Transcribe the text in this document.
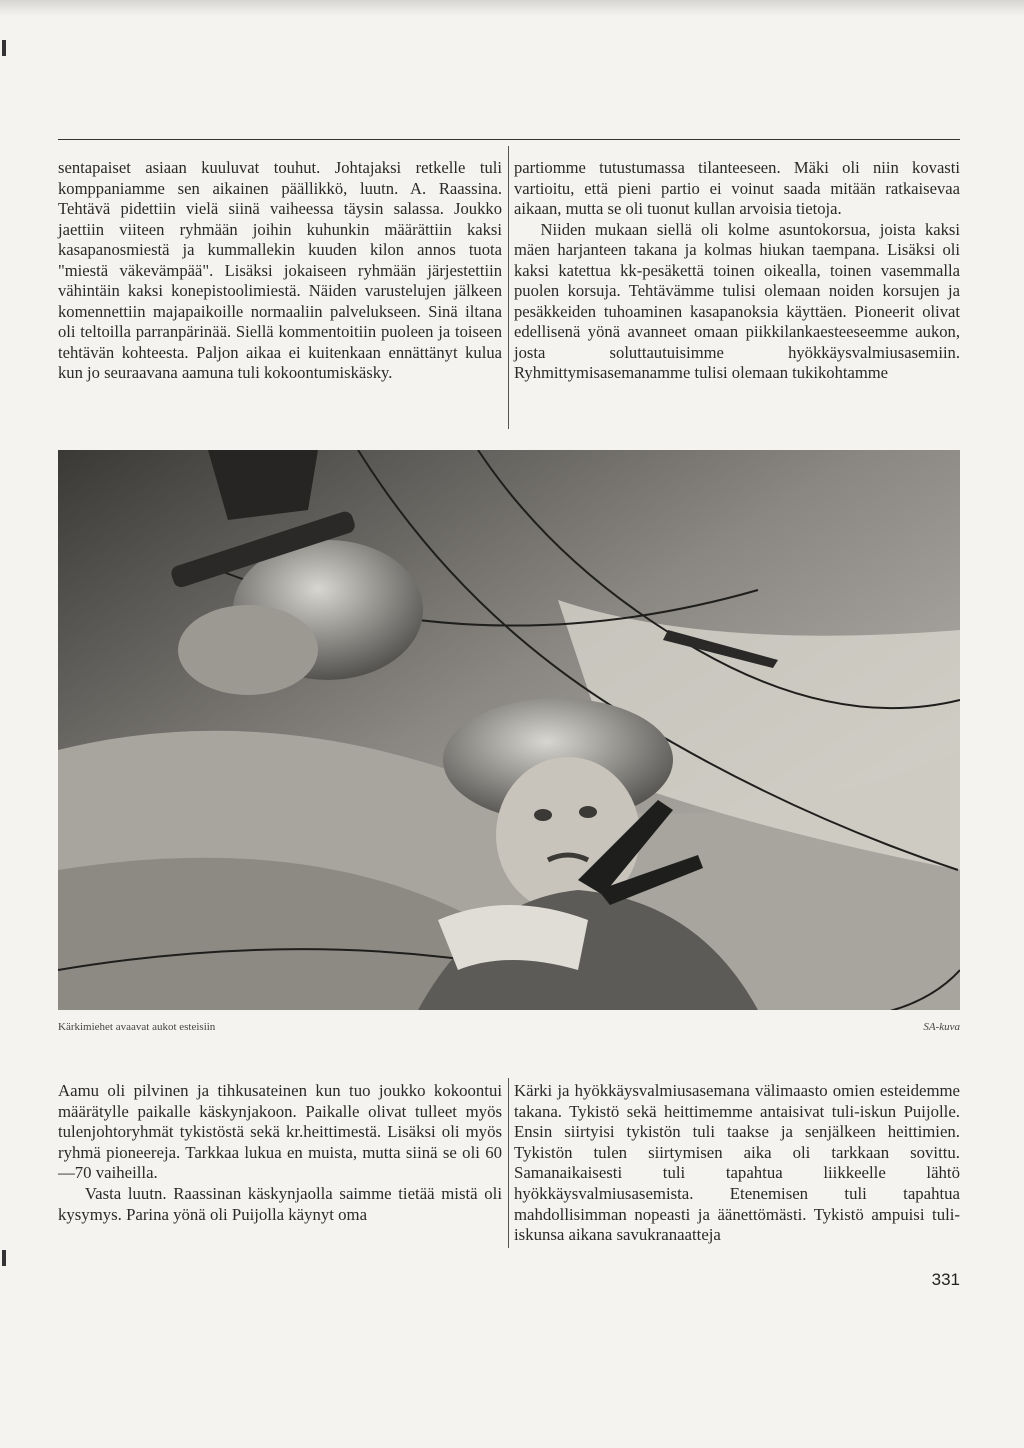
sentapaiset asiaan kuuluvat touhut. Johtajaksi retkelle tuli komppaniamme sen aikainen päällikkö, luutn. A. Raassina. Tehtävä pidettiin vielä siinä vaiheessa täysin salassa. Joukko jaettiin viiteen ryhmään joihin kuhunkin määrättiin kaksi kasapanosmiestä ja kummallekin kuuden kilon annos tuota "miestä väkevämpää". Lisäksi jokaiseen ryhmään järjestettiin vähintäin kaksi konepistoolimiestä. Näiden varustelujen jälkeen komennettiin majapaikoille normaaliin palvelukseen. Sinä iltana oli teltoilla parranpärinää. Siellä kommentoitiin puoleen ja toiseen tehtävän kohteesta. Paljon aikaa ei kuitenkaan ennättänyt kulua kun jo seuraavana aamuna tuli kokoontumiskäsky.

partiomme tutustumassa tilanteeseen. Mäki oli niin kovasti vartioitu, että pieni partio ei voinut saada mitään ratkaisevaa aikaan, mutta se oli tuonut kullan arvoisia tietoja.

Niiden mukaan siellä oli kolme asuntokorsua, joista kaksi mäen harjanteen takana ja kolmas hiukan taempana. Lisäksi oli kaksi katettua kk-pesäkettä toinen oikealla, toinen vasemmalla puolen korsuja. Tehtävämme tulisi olemaan noiden korsujen ja pesäkkeiden tuhoaminen kasapanoksia käyttäen. Pioneerit olivat edellisenä yönä avanneet omaan piikkilankaesteeseemme aukon, josta soluttautuisimme hyökkäysvalmiusasemiin. Ryhmittymisasemanamme tulisi olemaan tukikohtamme

Kärkimiehet avaavat aukot esteisiin	SA-kuva

Aamu oli pilvinen ja tihkusateinen kun tuo joukko kokoontui määrätylle paikalle käskynjakoon. Paikalle olivat tulleet myös tulenjohtoryhmät tykistöstä sekä kr.heittimestä. Lisäksi oli myös ryhmä pioneereja. Tarkkaa lukua en muista, mutta siinä se oli 60—70 vaiheilla.

Vasta luutn. Raassinan käskynjaolla saimme tietää mistä oli kysymys. Parina yönä oli Puijolla käynyt oma

Kärki ja hyökkäysvalmiusasemana välimaasto omien esteidemme takana. Tykistö sekä heittimemme antaisivat tuli-iskun Puijolle. Ensin siirtyisi tykistön tuli taakse ja senjälkeen heittimien. Tykistön tulen siirtymisen aika oli tarkkaan sovittu. Samanaikaisesti tuli tapahtua liikkeelle lähtö hyökkäysvalmiusasemista. Etenemisen tuli tapahtua mahdollisimman nopeasti ja äänettömästi. Tykistö ampuisi tuli-iskunsa aikana savukranaatteja

331
